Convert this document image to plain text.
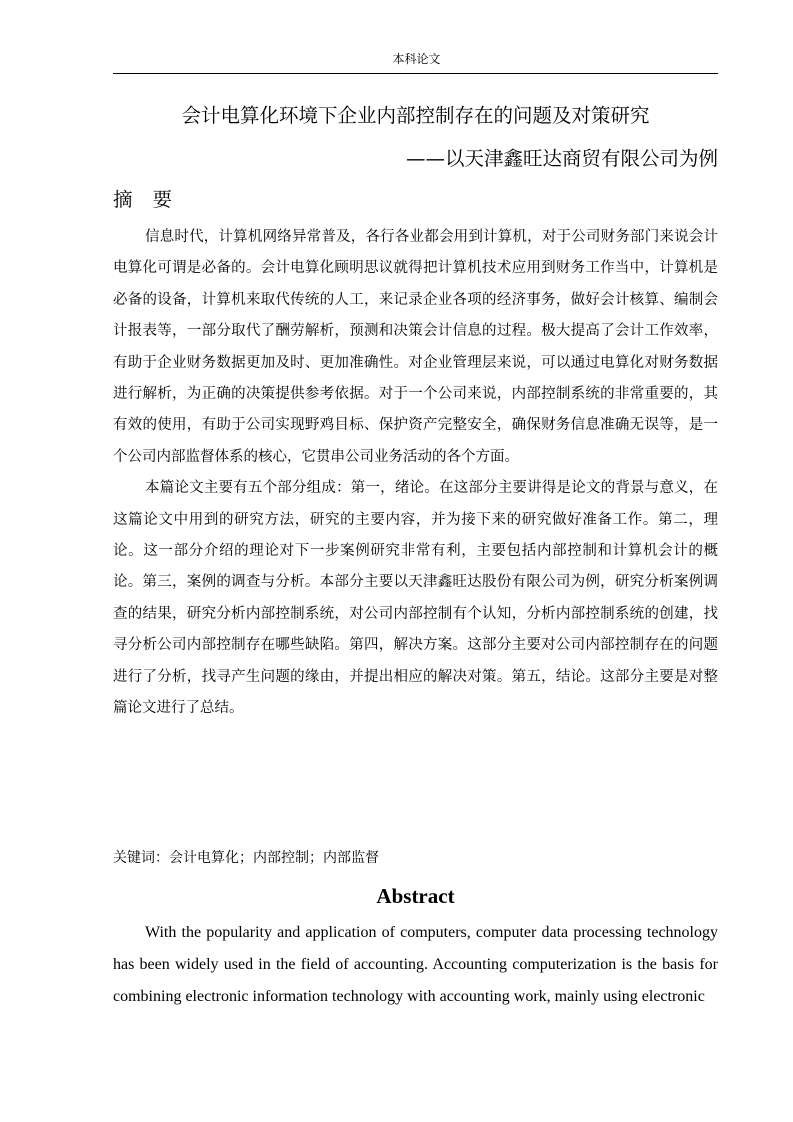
本科论文
会计电算化环境下企业内部控制存在的问题及对策研究
——以天津鑫旺达商贸有限公司为例
摘要

信息时代，计算机网络异常普及，各行各业都会用到计算机，对于公司财务部门来说会计电算化可谓是必备的。会计电算化顾明思议就得把计算机技术应用到财务工作当中，计算机是必备的设备，计算机来取代传统的人工，来记录企业各项的经济事务，做好会计核算、编制会计报表等，一部分取代了酬劳解析，预测和决策会计信息的过程。极大提高了会计工作效率，有助于企业财务数据更加及时、更加准确性。对企业管理层来说，可以通过电算化对财务数据进行解析，为正确的决策提供参考依据。对于一个公司来说，内部控制系统的非常重要的，其有效的使用，有助于公司实现野鸡目标、保护资产完整安全，确保财务信息准确无误等，是一个公司内部监督体系的核心，它贯串公司业务活动的各个方面。

本篇论文主要有五个部分组成：第一，绪论。在这部分主要讲得是论文的背景与意义，在这篇论文中用到的研究方法，研究的主要内容，并为接下来的研究做好准备工作。第二，理论。这一部分介绍的理论对下一步案例研究非常有利，主要包括内部控制和计算机会计的概论。第三，案例的调查与分析。本部分主要以天津鑫旺达股份有限公司为例，研究分析案例调查的结果，研究分析内部控制系统，对公司内部控制有个认知，分析内部控制系统的创建，找寻分析公司内部控制存在哪些缺陷。第四，解决方案。这部分主要对公司内部控制存在的问题进行了分析，找寻产生问题的缘由，并提出相应的解决对策。第五，结论。这部分主要是对整篇论文进行了总结。

关键词：会计电算化；内部控制；内部监督
Abstract

With the popularity and application of computers, computer data processing technology has been widely used in the field of accounting. Accounting computerization is the basis for combining electronic information technology with accounting work, mainly using electronic
